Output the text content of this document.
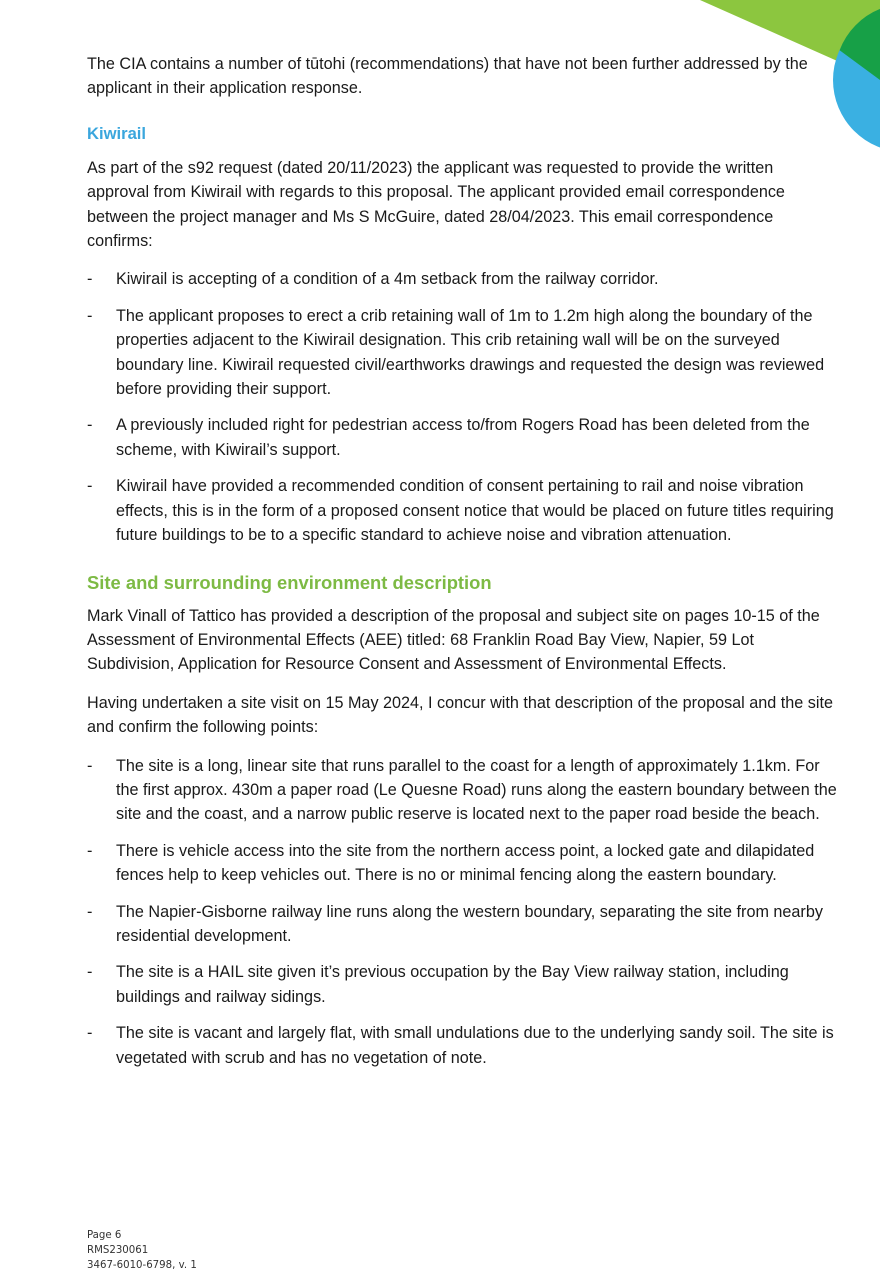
The CIA contains a number of tūtohi (recommendations) that have not been further addressed by the applicant in their application response.

Kiwirail

As part of the s92 request (dated 20/11/2023) the applicant was requested to provide the written approval from Kiwirail with regards to this proposal. The applicant provided email correspondence between the project manager and Ms S McGuire, dated 28/04/2023. This email correspondence confirms:

- Kiwirail is accepting of a condition of a 4m setback from the railway corridor.
- The applicant proposes to erect a crib retaining wall of 1m to 1.2m high along the boundary of the properties adjacent to the Kiwirail designation. This crib retaining wall will be on the surveyed boundary line. Kiwirail requested civil/earthworks drawings and requested the design was reviewed before providing their support.
- A previously included right for pedestrian access to/from Rogers Road has been deleted from the scheme, with Kiwirail’s support.
- Kiwirail have provided a recommended condition of consent pertaining to rail and noise vibration effects, this is in the form of a proposed consent notice that would be placed on future titles requiring future buildings to be to a specific standard to achieve noise and vibration attenuation.
Site and surrounding environment description

Mark Vinall of Tattico has provided a description of the proposal and subject site on pages 10-15 of the Assessment of Environmental Effects (AEE) titled: 68 Franklin Road Bay View, Napier, 59 Lot Subdivision, Application for Resource Consent and Assessment of Environmental Effects.

Having undertaken a site visit on 15 May 2024, I concur with that description of the proposal and the site and confirm the following points:

- The site is a long, linear site that runs parallel to the coast for a length of approximately 1.1km. For the first approx. 430m a paper road (Le Quesne Road) runs along the eastern boundary between the site and the coast, and a narrow public reserve is located next to the paper road beside the beach.
- There is vehicle access into the site from the northern access point, a locked gate and dilapidated fences help to keep vehicles out. There is no or minimal fencing along the eastern boundary.
- The Napier-Gisborne railway line runs along the western boundary, separating the site from nearby residential development.
- The site is a HAIL site given it’s previous occupation by the Bay View railway station, including buildings and railway sidings.
- The site is vacant and largely flat, with small undulations due to the underlying sandy soil. The site is vegetated with scrub and has no vegetation of note.
Page 6
RMS230061
3467-6010-6798, v. 1
